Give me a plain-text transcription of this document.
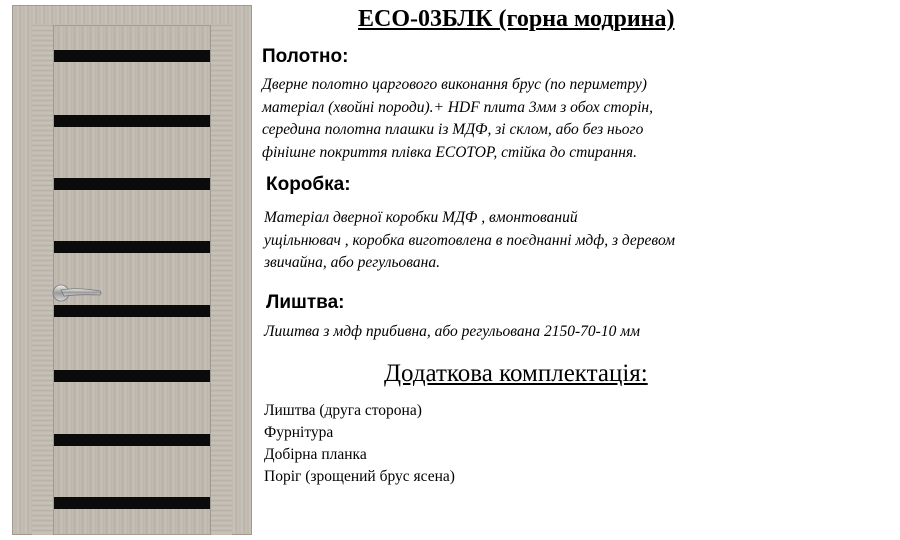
ECO-03БЛК (горна модрина)
Полотно:
Дверне полотно царгового виконання брус (по периметру)
матеріал (хвойні породи).+ HDF плита 3мм з обох сторін,
середина полотна плашки із МДФ, зі склом, або без нього
фінішне покриття плівка ECOTOP, стійка до стирання.
Коробка:
Матеріал дверної коробки МДФ , вмонтований
ущільнювач , коробка виготовлена в поєднанні мдф, з деревом
звичайна, або регульована.
Лиштва:
Лиштва з мдф прибивна, або регульована 2150-70-10 мм
Додаткова комплектація:
Лиштва (друга сторона)
Фурнітура
Добірна планка
Поріг (зрощений брус ясена)
